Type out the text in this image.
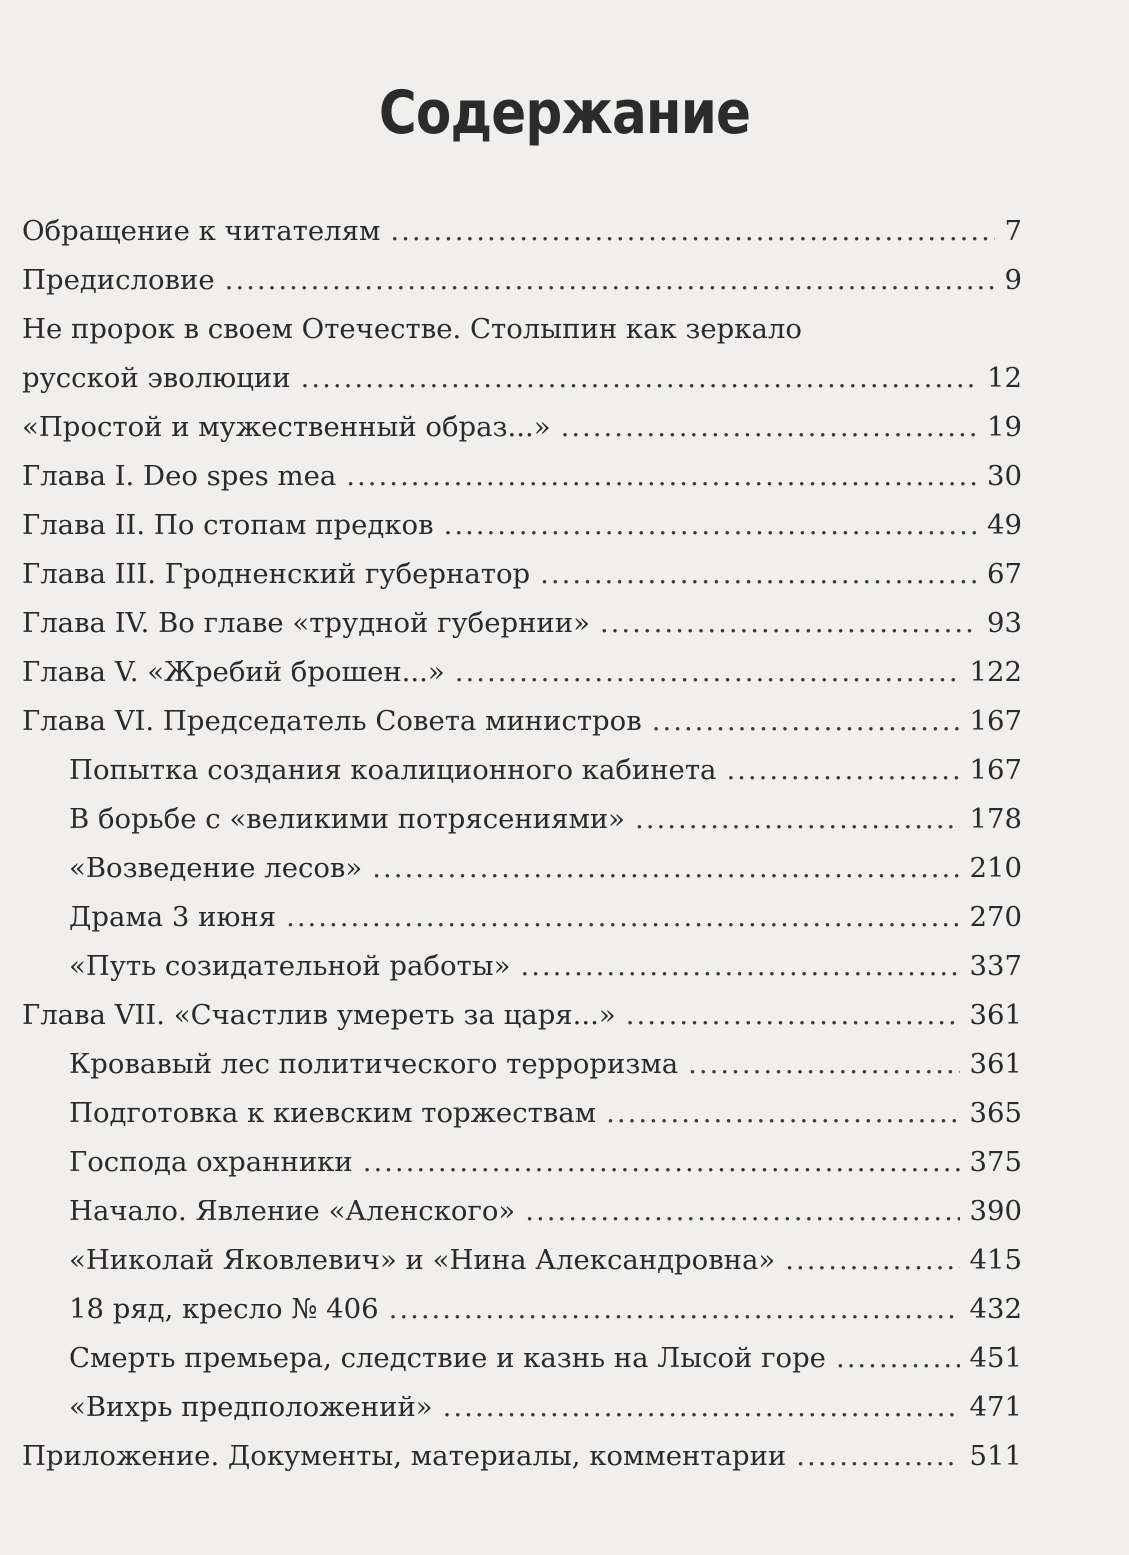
Содержание
Обращение к читателям .....	7
Предисловие .....	9
Не пророк в своем Отечестве. Столыпин как зеркало
русской эволюции .....	12
«Простой и мужественный образ...» .....	19
Глава I. Deo spes mea .....	30
Глава II. По стопам предков .....	49
Глава III. Гродненский губернатор .....	67
Глава IV. Во главе «трудной губернии» .....	93
Глава V. «Жребий брошен...» .....	122
Глава VI. Председатель Совета министров .....	167
Попытка создания коалиционного кабинета .....	167
В борьбе с «великими потрясениями» .....	178
«Возведение лесов» .....	210
Драма 3 июня .....	270
«Путь созидательной работы» .....	337
Глава VII. «Счастлив умереть за царя...» .....	361
Кровавый лес политического терроризма .....	361
Подготовка к киевским торжествам .....	365
Господа охранники .....	375
Начало. Явление «Аленского» .....	390
«Николай Яковлевич» и «Нина Александровна» .....	415
18 ряд, кресло № 406 .....	432
Смерть премьера, следствие и казнь на Лысой горе .....	451
«Вихрь предположений» .....	471
Приложение. Документы, материалы, комментарии .....	511
